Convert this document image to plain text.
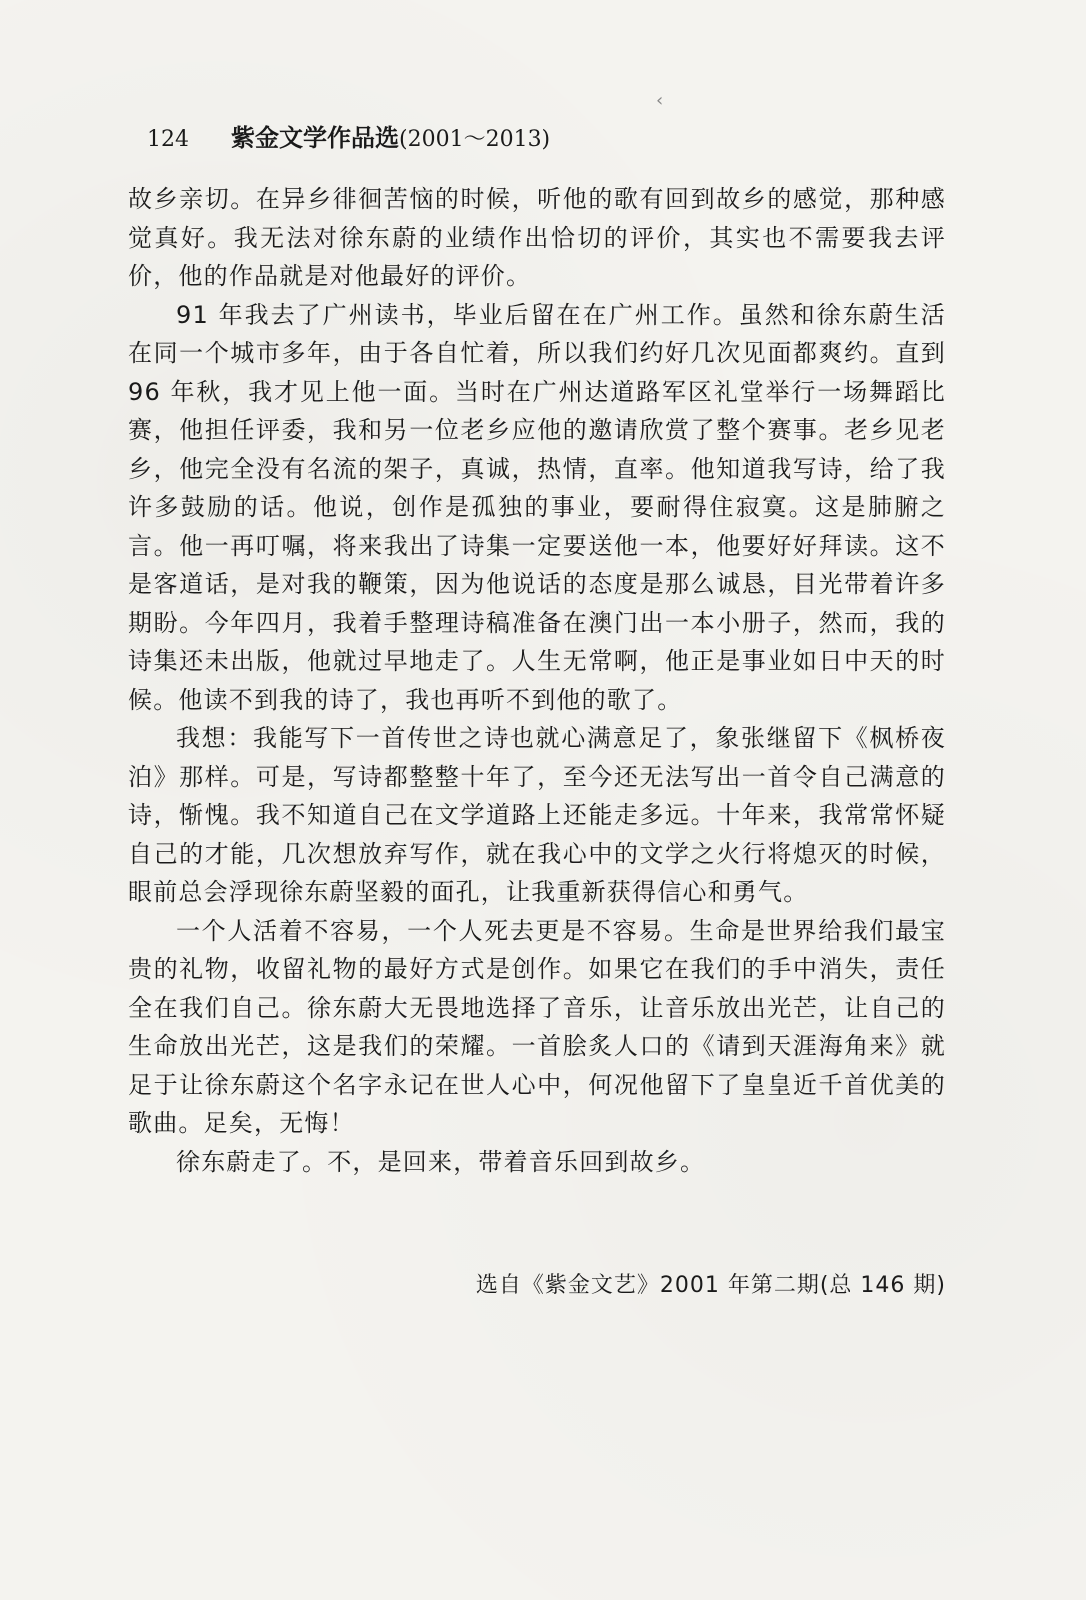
‹
124 紫金文学作品选 (2001～2013)

故乡亲切。在异乡徘徊苦恼的时候，听他的歌有回到故乡的感觉，那种感觉真好。我无法对徐东蔚的业绩作出恰切的评价，其实也不需要我去评价，他的作品就是对他最好的评价。

91 年我去了广州读书，毕业后留在在广州工作。虽然和徐东蔚生活在同一个城市多年，由于各自忙着，所以我们约好几次见面都爽约。直到 96 年秋，我才见上他一面。当时在广州达道路军区礼堂举行一场舞蹈比赛，他担任评委，我和另一位老乡应他的邀请欣赏了整个赛事。老乡见老乡，他完全没有名流的架子，真诚，热情，直率。他知道我写诗，给了我许多鼓励的话。他说，创作是孤独的事业，要耐得住寂寞。这是肺腑之言。他一再叮嘱，将来我出了诗集一定要送他一本，他要好好拜读。这不是客道话，是对我的鞭策，因为他说话的态度是那么诚恳，目光带着许多期盼。今年四月，我着手整理诗稿准备在澳门出一本小册子，然而，我的诗集还未出版，他就过早地走了。人生无常啊，他正是事业如日中天的时候。他读不到我的诗了，我也再听不到他的歌了。

我想：我能写下一首传世之诗也就心满意足了，象张继留下《枫桥夜泊》那样。可是，写诗都整整十年了，至今还无法写出一首令自己满意的诗，惭愧。我不知道自己在文学道路上还能走多远。十年来，我常常怀疑自己的才能，几次想放弃写作，就在我心中的文学之火行将熄灭的时候，眼前总会浮现徐东蔚坚毅的面孔，让我重新获得信心和勇气。

一个人活着不容易，一个人死去更是不容易。生命是世界给我们最宝贵的礼物，收留礼物的最好方式是创作。如果它在我们的手中消失，责任全在我们自己。徐东蔚大无畏地选择了音乐，让音乐放出光芒，让自己的生命放出光芒，这是我们的荣耀。一首脍炙人口的《请到天涯海角来》就足于让徐东蔚这个名字永记在世人心中，何况他留下了皇皇近千首优美的歌曲。足矣，无悔！

徐东蔚走了。不，是回来，带着音乐回到故乡。

选自《紫金文艺》2001 年第二期(总 146 期)
